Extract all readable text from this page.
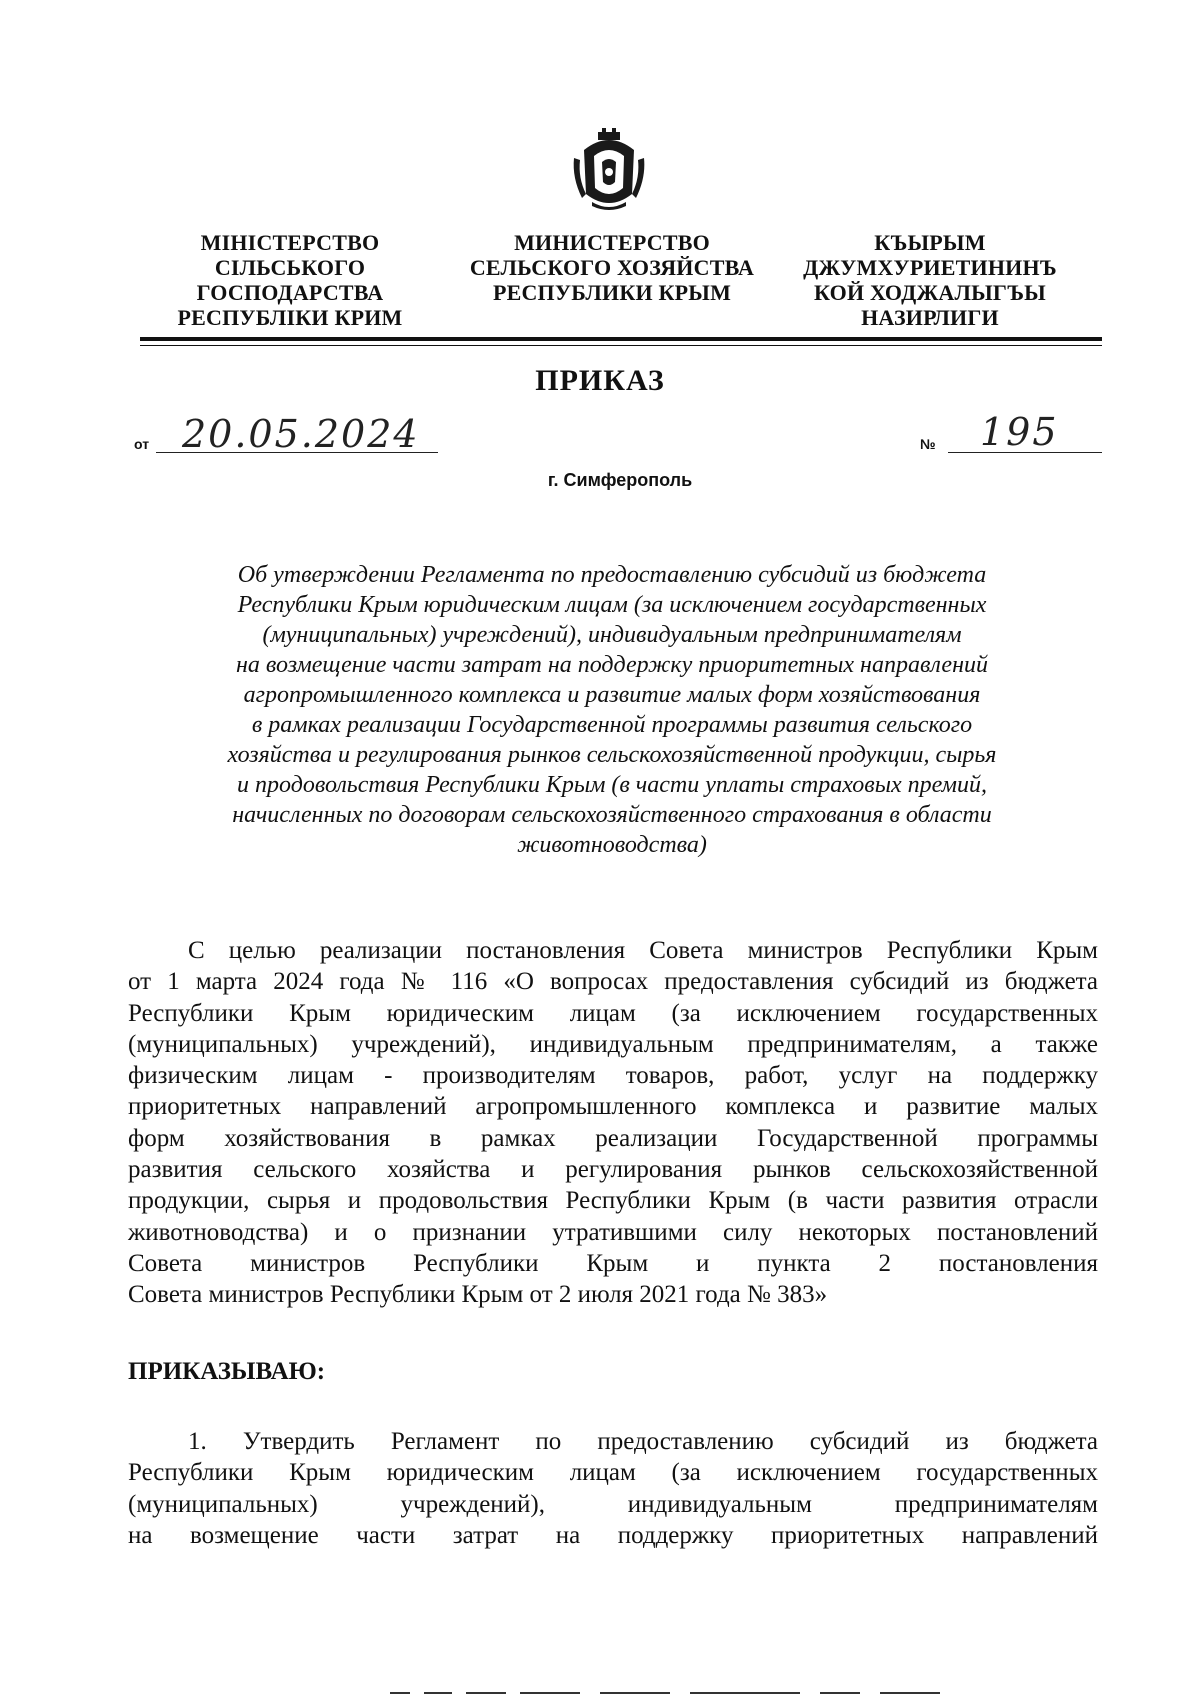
МІНІСТЕРСТВО
СІЛЬСЬКОГО
ГОСПОДАРСТВА
РЕСПУБЛІКИ КРИМ
МИНИСТЕРСТВО
СЕЛЬСКОГО ХОЗЯЙСТВА
РЕСПУБЛИКИ КРЫМ
КЪЫРЫМ
ДЖУМХУРИЕТИНИНЪ
КОЙ ХОДЖАЛЫГЪЫ
НАЗИРЛИГИ
ПРИКАЗ
от 20.05.2024	№ 195
г. Симферополь
Об утверждении Регламента по предоставлению субсидий из бюджета
Республики Крым юридическим лицам (за исключением государственных
(муниципальных) учреждений), индивидуальным предпринимателям
на возмещение части затрат на поддержку приоритетных направлений
агропромышленного комплекса и развитие малых форм хозяйствования
в рамках реализации Государственной программы развития сельского
хозяйства и регулирования рынков сельскохозяйственной продукции, сырья
и продовольствия Республики Крым (в части уплаты страховых премий,
начисленных по договорам сельскохозяйственного страхования в области
животноводства)
С целью реализации постановления Совета министров Республики Крым
от 1 марта 2024 года № 116 «О вопросах предоставления субсидий из бюджета
Республики Крым юридическим лицам (за исключением государственных
(муниципальных) учреждений), индивидуальным предпринимателям, а также
физическим лицам - производителям товаров, работ, услуг на поддержку
приоритетных направлений агропромышленного комплекса и развитие малых
форм хозяйствования в рамках реализации Государственной программы
развития сельского хозяйства и регулирования рынков сельскохозяйственной
продукции, сырья и продовольствия Республики Крым (в части развития отрасли
животноводства) и о признании утратившими силу некоторых постановлений
Совета министров Республики Крым и пункта 2 постановления
Совета министров Республики Крым от 2 июля 2021 года № 383»
ПРИКАЗЫВАЮ:
1. Утвердить Регламент по предоставлению субсидий из бюджета
Республики Крым юридическим лицам (за исключением государственных
(муниципальных) учреждений), индивидуальным предпринимателям
на возмещение части затрат на поддержку приоритетных направлений
